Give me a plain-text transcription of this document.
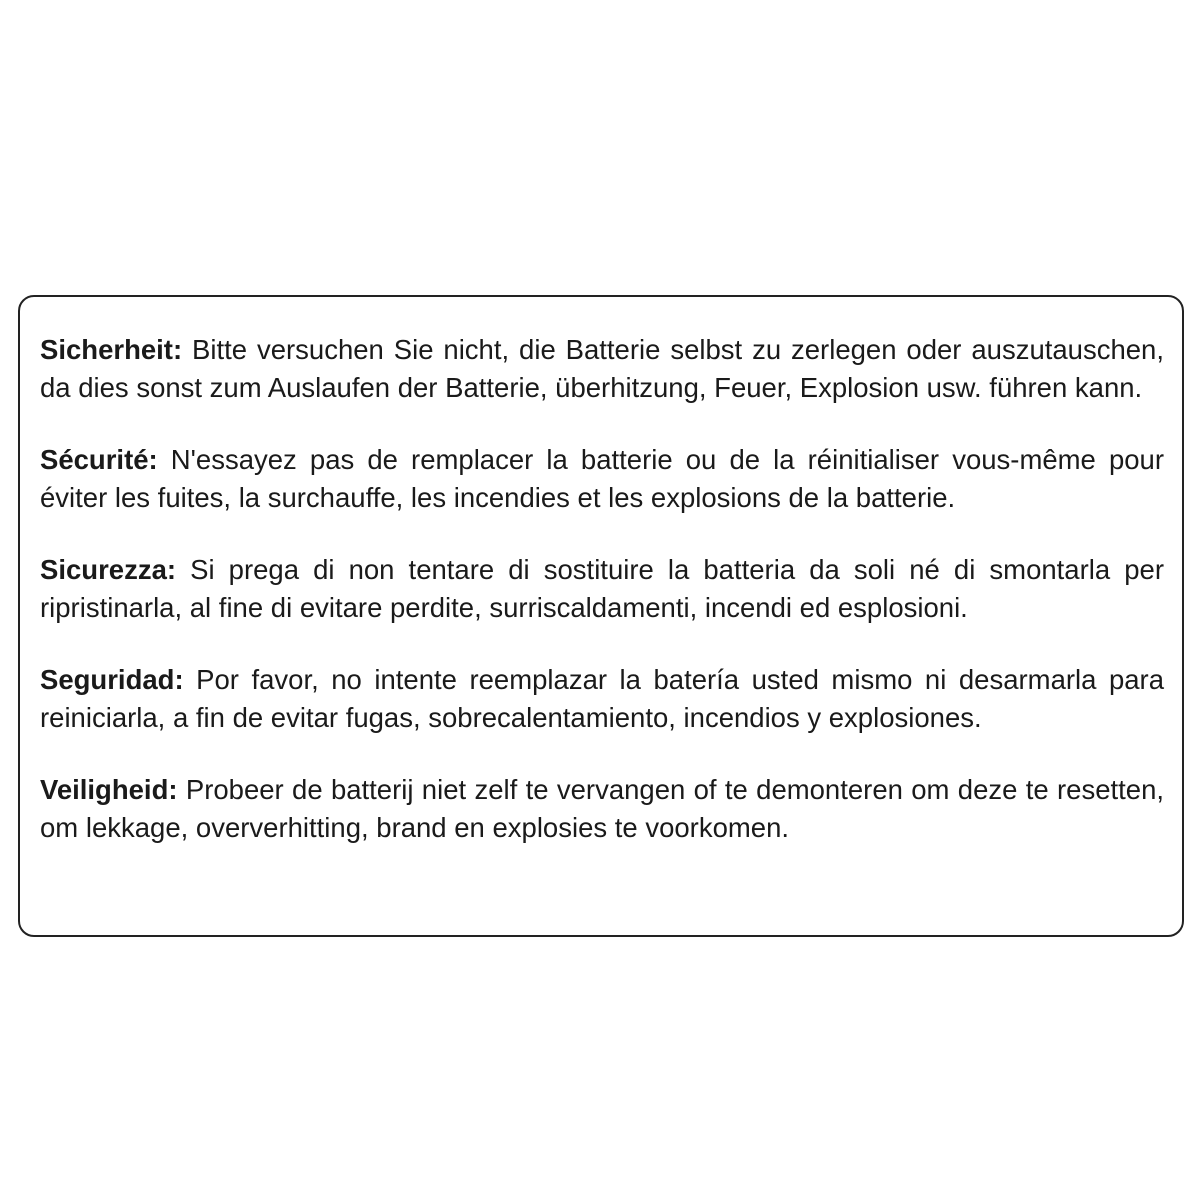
Sicherheit: Bitte versuchen Sie nicht, die Batterie selbst zu zerlegen oder auszutauschen, da dies sonst zum Auslaufen der Batterie, überhitzung, Feuer, Explosion usw. führen kann.

Sécurité: N'essayez pas de remplacer la batterie ou de la réinitialiser vous-même pour éviter les fuites, la surchauffe, les incendies et les explosions de la batterie.

Sicurezza: Si prega di non tentare di sostituire la batteria da soli né di smontarla per ripristinarla, al fine di evitare perdite, surriscaldamenti, incendi ed esplosioni.

Seguridad: Por favor, no intente reemplazar la batería usted mismo ni desarmarla para reiniciarla, a fin de evitar fugas, sobrecalentamiento, incendios y explosiones.

Veiligheid: Probeer de batterij niet zelf te vervangen of te demonteren om deze te resetten, om lekkage, oververhitting, brand en explosies te voorkomen.
